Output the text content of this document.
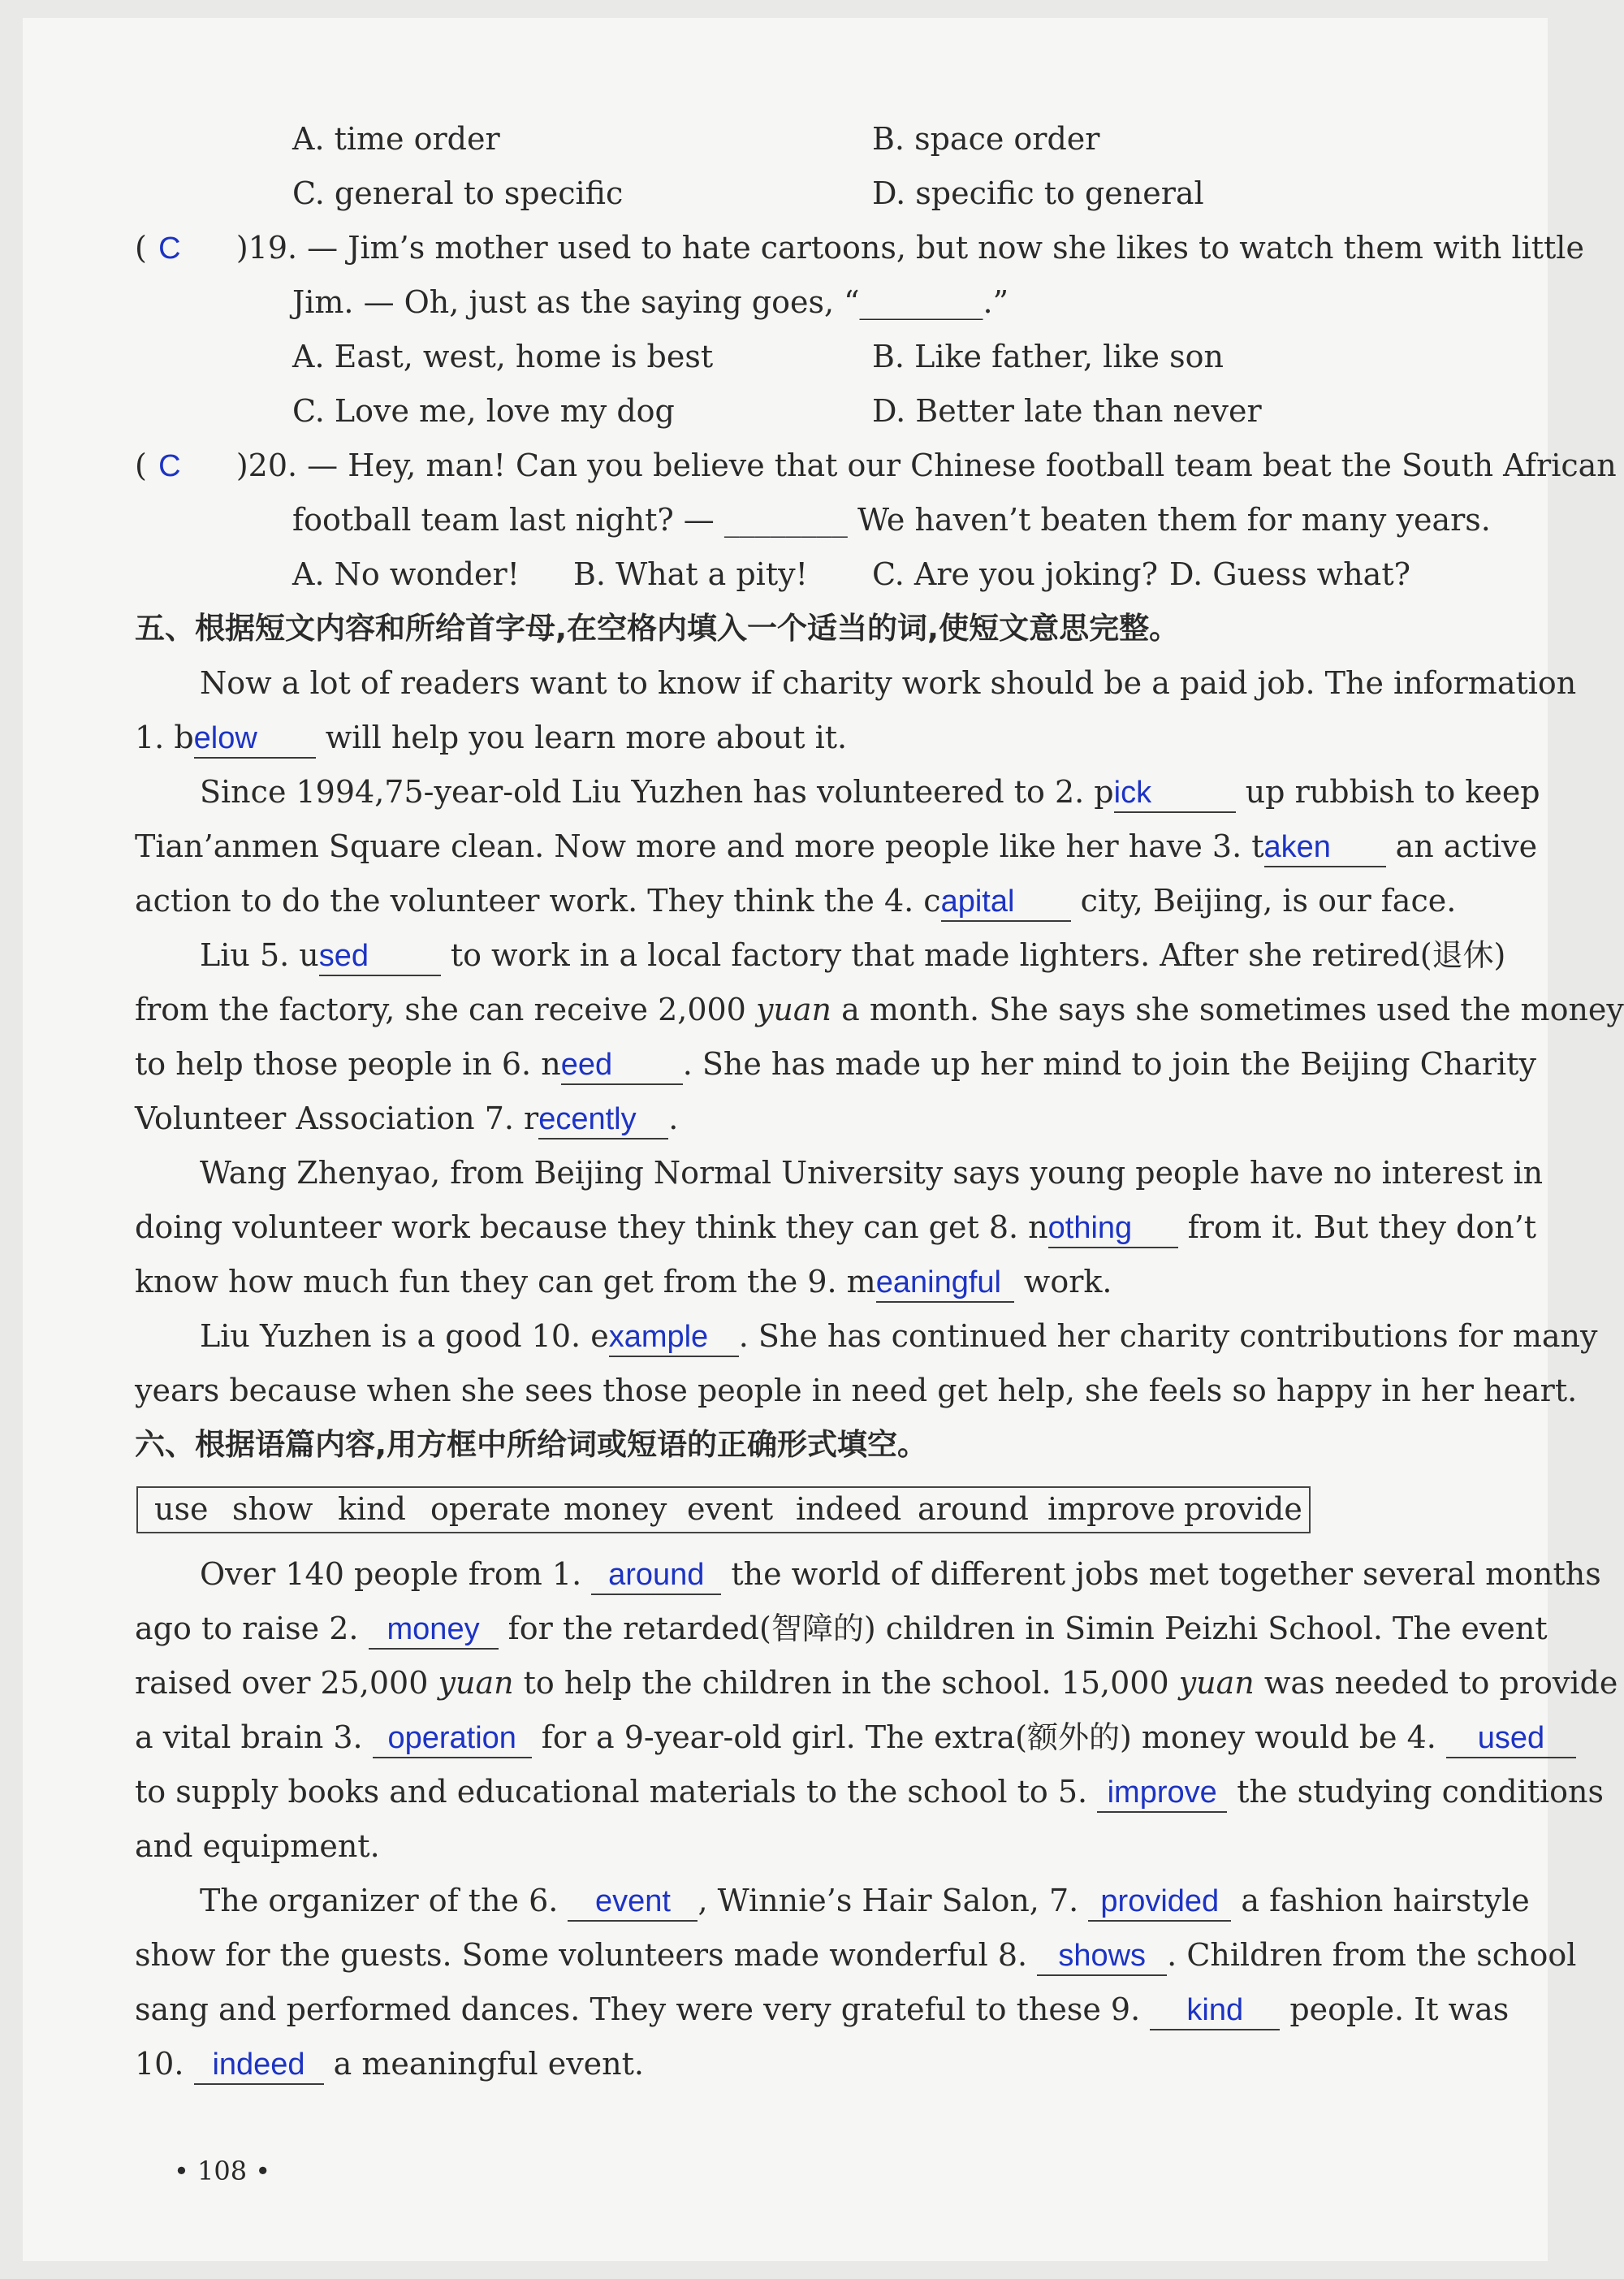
A. time order	B. space order
C. general to specific	D. specific to general
( C )19. — Jim’s mother used to hate cartoons, but now she likes to watch them with little
Jim. — Oh, just as the saying goes, “________.”
A. East, west, home is best	B. Like father, like son
C. Love me, love my dog	D. Better late than never
( C )20. — Hey, man! Can you believe that our Chinese football team beat the South African
football team last night? — ________ We haven’t beaten them for many years.
A. No wonder! B. What a pity! C. Are you joking? D. Guess what?
五、根据短文内容和所给首字母,在空格内填入一个适当的词,使短文意思完整。
Now a lot of readers want to know if charity work should be a paid job. The information
1. below will help you learn more about it.
Since 1994,75-year-old Liu Yuzhen has volunteered to 2. pick	up rubbish to keep
Tian’anmen Square clean. Now more and more people like her have 3. taken an active
action to do the volunteer work. They think the 4. capital city, Beijing, is our face.
Liu 5. used to work in a local factory that made lighters. After she retired(退休)
from the factory, she can receive 2,000 yuan a month. She says she sometimes used the money
to help those people in 6. need . She has made up her mind to join the Beijing Charity
Volunteer Association 7. recently .
Wang Zhenyao, from Beijing Normal University says young people have no interest in
doing volunteer work because they think they can get 8. nothing from it. But they don’t
know how much fun they can get from the 9. meaningful work.
Liu Yuzhen is a good 10. example . She has continued her charity contributions for many
years because when she sees those people in need get help, she feels so happy in her heart.
六、根据语篇内容,用方框中所给词或短语的正确形式填空。
use show kind operate money event indeed around improve provide
Over 140 people from 1. around the world of different jobs met together several months
ago to raise 2. money for the retarded(智障的) children in Simin Peizhi School. The event
raised over 25,000 yuan to help the children in the school. 15,000 yuan was needed to provide
a vital brain 3. operation for a 9-year-old girl. The extra(额外的) money would be 4. used
to supply books and educational materials to the school to 5. improve the studying conditions
and equipment.
The organizer of the 6. event , Winnie’s Hair Salon, 7. provided a fashion hairstyle
show for the guests. Some volunteers made wonderful 8. shows . Children from the school
sang and performed dances. They were very grateful to these 9. kind people. It was
10. indeed a meaningful event.
• 108 •
